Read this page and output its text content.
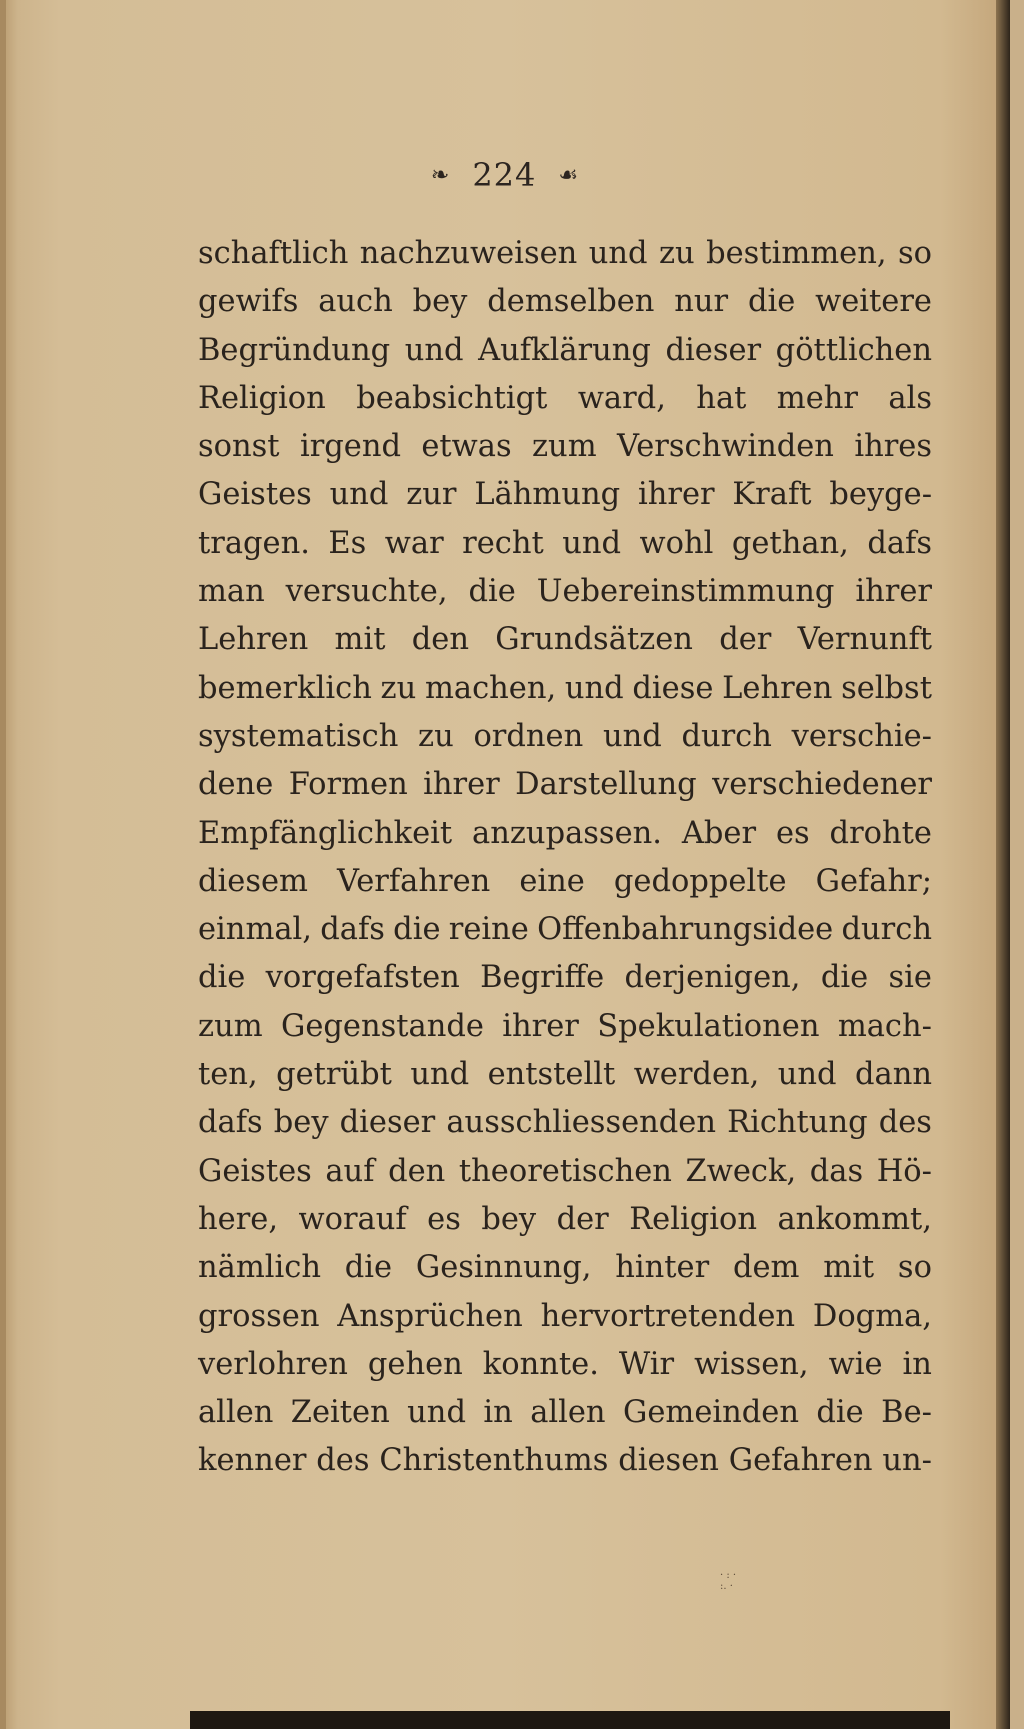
❧ 224 ☙
schaftlich nachzuweisen und zu bestimmen, so
gewifs auch bey demselben nur die weitere
Begründung und Aufklärung dieser göttlichen
Religion beabsichtigt ward, hat mehr als
sonst irgend etwas zum Verschwinden ihres
Geistes und zur Lähmung ihrer Kraft beyge-
tragen. Es war recht und wohl gethan, dafs
man versuchte, die Uebereinstimmung ihrer
Lehren mit den Grundsätzen der Vernunft
bemerklich zu machen, und diese Lehren selbst
systematisch zu ordnen und durch verschie-
dene Formen ihrer Darstellung verschiedener
Empfänglichkeit anzupassen. Aber es drohte
diesem Verfahren eine gedoppelte Gefahr;
einmal, dafs die reine Offenbahrungsidee durch
die vorgefafsten Begriffe derjenigen, die sie
zum Gegenstande ihrer Spekulationen mach-
ten, getrübt und entstellt werden, und dann
dafs bey dieser ausschliessenden Richtung des
Geistes auf den theoretischen Zweck, das Hö-
here, worauf es bey der Religion ankommt,
nämlich die Gesinnung, hinter dem mit so
grossen Ansprüchen hervortretenden Dogma,
verlohren gehen konnte. Wir wissen, wie in
allen Zeiten und in allen Gemeinden die Be-
kenner des Christenthums diesen Gefahren un-
· : ·
:. ·
